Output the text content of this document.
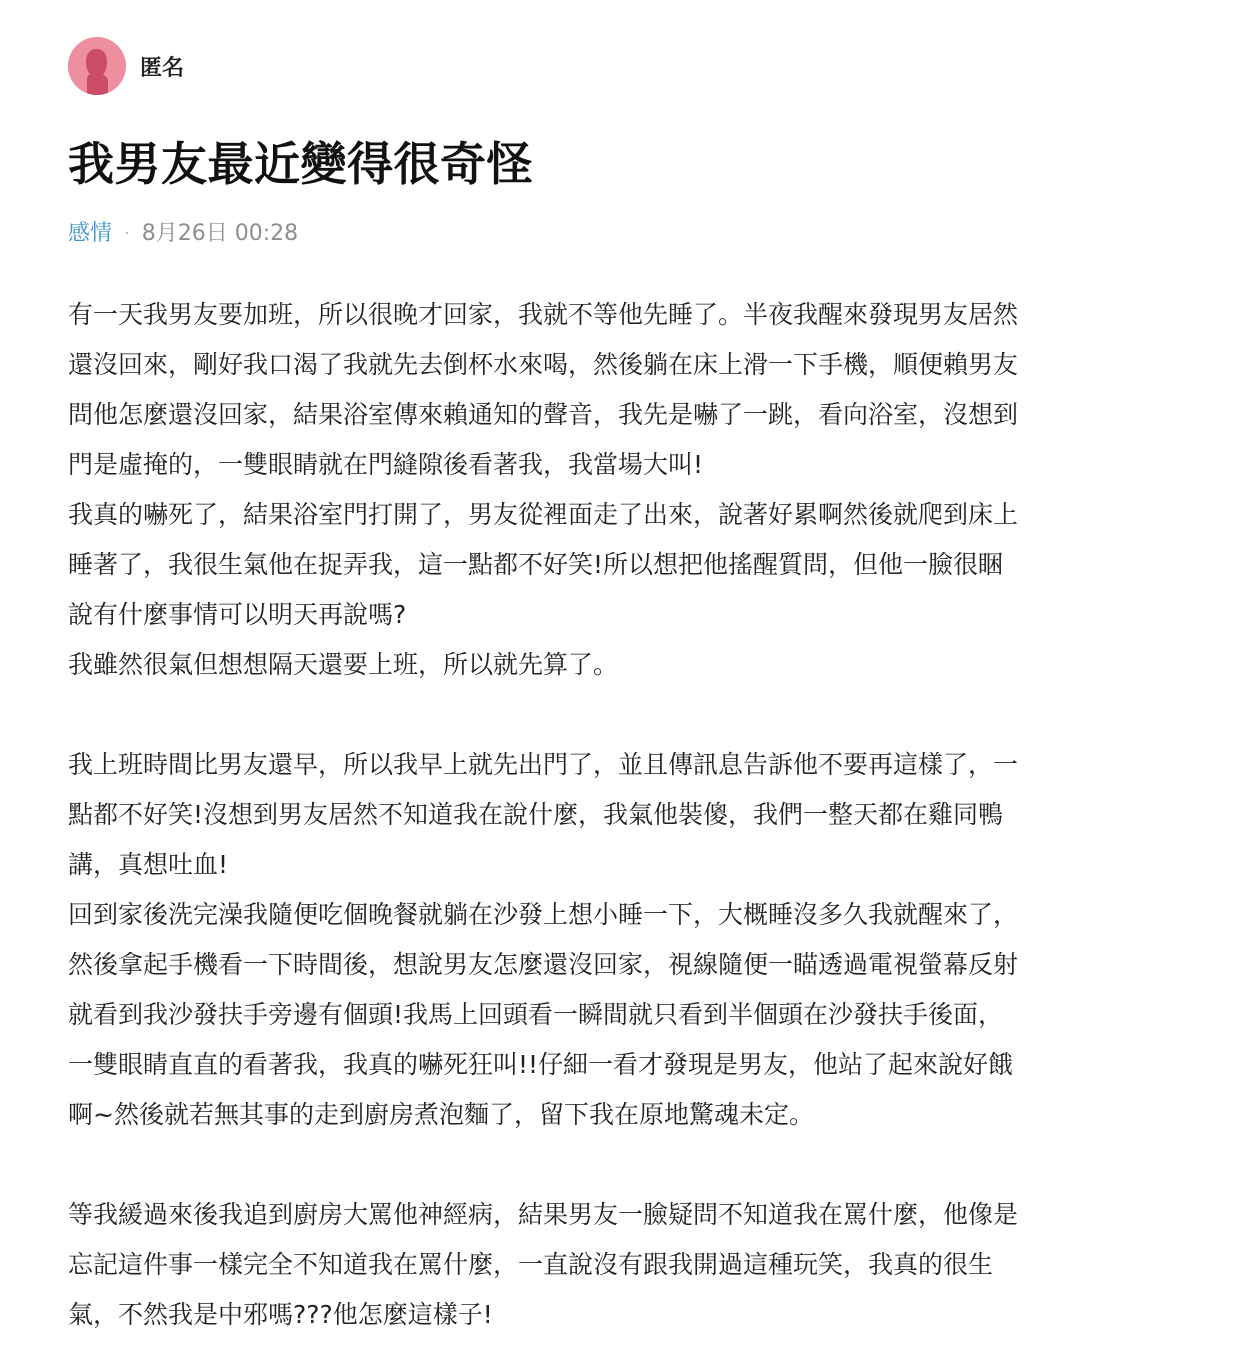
匿名
我男友最近變得很奇怪
感情 · 8月26日 00:28

有一天我男友要加班，所以很晚才回家，我就不等他先睡了。半夜我醒來發現男友居然

還沒回來，剛好我口渴了我就先去倒杯水來喝，然後躺在床上滑一下手機，順便賴男友

問他怎麼還沒回家，結果浴室傳來賴通知的聲音，我先是嚇了一跳，看向浴室，沒想到

門是虛掩的，一雙眼睛就在門縫隙後看著我，我當場大叫!

我真的嚇死了，結果浴室門打開了，男友從裡面走了出來，說著好累啊然後就爬到床上

睡著了，我很生氣他在捉弄我，這一點都不好笑!所以想把他搖醒質問，但他一臉很睏

說有什麼事情可以明天再說嗎?

我雖然很氣但想想隔天還要上班，所以就先算了。

我上班時間比男友還早，所以我早上就先出門了，並且傳訊息告訴他不要再這樣了，一

點都不好笑!沒想到男友居然不知道我在說什麼，我氣他裝傻，我們一整天都在雞同鴨

講，真想吐血!

回到家後洗完澡我隨便吃個晚餐就躺在沙發上想小睡一下，大概睡沒多久我就醒來了，

然後拿起手機看一下時間後，想說男友怎麼還沒回家，視線隨便一瞄透過電視螢幕反射

就看到我沙發扶手旁邊有個頭!我馬上回頭看一瞬間就只看到半個頭在沙發扶手後面，

一雙眼睛直直的看著我，我真的嚇死狂叫!!仔細一看才發現是男友，他站了起來說好餓

啊~然後就若無其事的走到廚房煮泡麵了，留下我在原地驚魂未定。

等我緩過來後我追到廚房大罵他神經病，結果男友一臉疑問不知道我在罵什麼，他像是

忘記這件事一樣完全不知道我在罵什麼，一直說沒有跟我開過這種玩笑，我真的很生

氣，不然我是中邪嗎???他怎麼這樣子!
